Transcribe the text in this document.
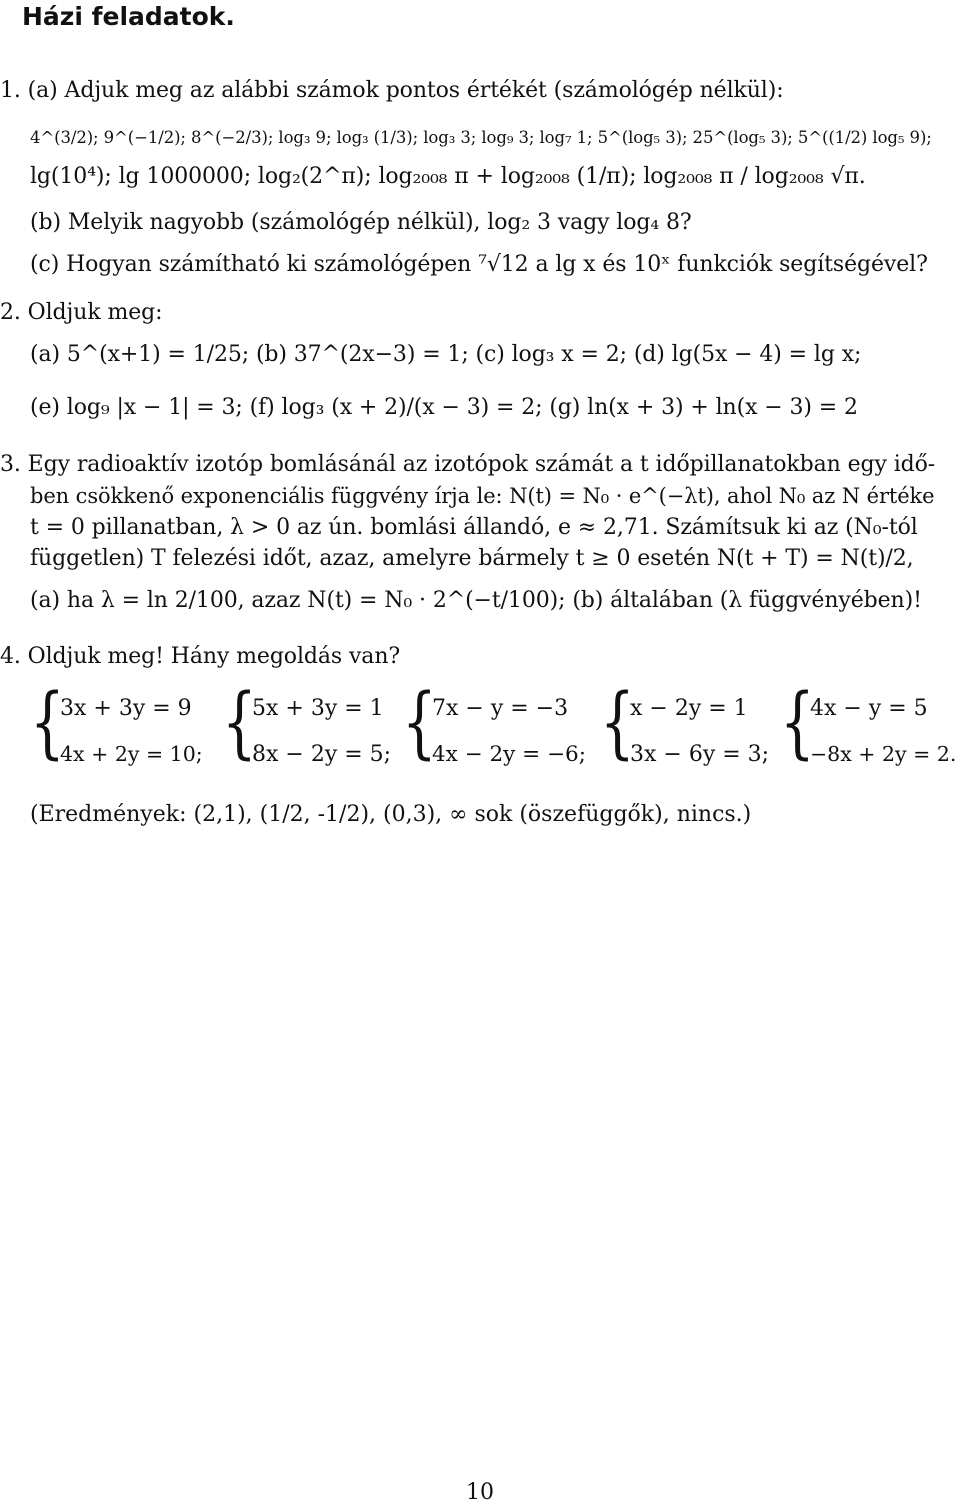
Házi feladatok.
1. (a) Adjuk meg az alábbi számok pontos értékét (számológép nélkül):
4^(3/2); 9^(−1/2); 8^(−2/3); log₃ 9; log₃ (1/3); log₃ 3; log₉ 3; log₇ 1; 5^(log₅ 3); 25^(log₅ 3); 5^((1/2) log₅ 9);
lg(10⁴); lg 1000000; log₂(2^π); log₂₀₀₈ π + log₂₀₀₈ (1/π); log₂₀₀₈ π / log₂₀₀₈ √π.
(b) Melyik nagyobb (számológép nélkül), log₂ 3 vagy log₄ 8?
(c) Hogyan számítható ki számológépen ⁷√12 a lg x és 10ˣ funkciók segítségével?
2. Oldjuk meg:
(a) 5^(x+1) = 1/25; (b) 37^(2x−3) = 1; (c) log₃ x = 2; (d) lg(5x − 4) = lg x;
(e) log₉ |x − 1| = 3; (f) log₃ (x + 2)/(x − 3) = 2; (g) ln(x + 3) + ln(x − 3) = 2
3. Egy radioaktív izotóp bomlásánál az izotópok számát a t időpillanatokban egy idő-
ben csökkenő exponenciális függvény írja le: N(t) = N₀ · e^(−λt), ahol N₀ az N értéke
t = 0 pillanatban, λ > 0 az ún. bomlási állandó, e ≈ 2,71. Számítsuk ki az (N₀-tól
független) T felezési időt, azaz, amelyre bármely t ≥ 0 esetén N(t + T) = N(t)/2,
(a) ha λ = ln 2/100, azaz N(t) = N₀ · 2^(−t/100); (b) általában (λ függvényében)!
4. Oldjuk meg! Hány megoldás van?
{
3x + 3y = 9
4x + 2y = 10; {
5x + 3y = 1
8x − 2y = 5; {
7x − y = −3
4x − 2y = −6; {
x − 2y = 1
3x − 6y = 3; {
4x − y = 5
−8x + 2y = 2.
(Eredmények: (2,1), (1/2, -1/2), (0,3), ∞ sok (öszefüggők), nincs.)
10
